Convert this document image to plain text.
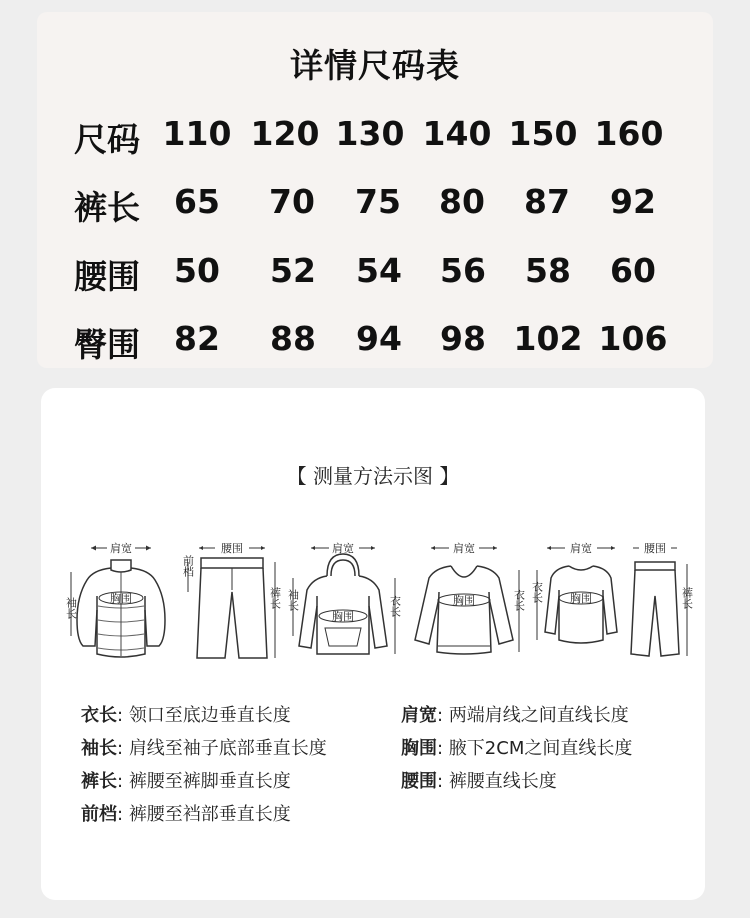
详情尺码表
尺码 110 120 130 140 150 160
裤长	65	70	75	80	87	92
腰围	50	52	54	56	58	60
臀围	82	88	94	98 102 106
【 测量方法示图 】
肩宽
胸围
袖长
腰围
前档
裤长
肩宽
胸围
袖长	衣长
肩宽
胸围	衣长
肩宽
胸围
衣长
腰围
裤长
衣长: 领口至底边垂直长度	肩宽: 两端肩线之间直线长度
袖长: 肩线至袖子底部垂直长度	胸围: 腋下2CM之间直线长度
裤长: 裤腰至裤脚垂直长度	腰围: 裤腰直线长度
前档: 裤腰至裆部垂直长度
